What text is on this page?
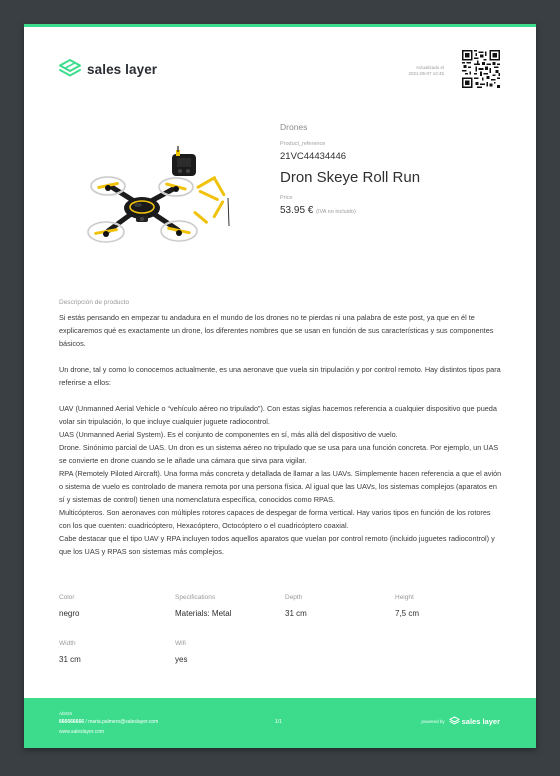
sales layer	Actualizado el
2021-05-07 12:45
Drones
Product_reference
21VC44434446
Dron Skeye Roll Run
Price
53.95 € (IVA no incluido)
Descripción de producto

Si estás pensando en empezar tu andadura en el mundo de los drones no te pierdas ni una palabra de este post, ya que en él te explicaremos qué es exactamente un drone, los diferentes nombres que se usan en función de sus características y sus componentes básicos.

Un drone, tal y como lo conocemos actualmente, es una aeronave que vuela sin tripulación y por control remoto. Hay distintos tipos para referirse a ellos:

UAV (Unmanned Aerial Vehicle o “vehículo aéreo no tripulado”). Con estas siglas hacemos referencia a cualquier dispositivo que pueda volar sin tripulación, lo que incluye cualquier juguete radiocontrol.

UAS (Unmanned Aerial System). Es el conjunto de componentes en sí, más allá del dispositivo de vuelo.

Drone. Sinónimo parcial de UAS. Un dron es un sistema aéreo no tripulado que se usa para una función concreta. Por ejemplo, un UAS se convierte en drone cuando se le añade una cámara que sirva para vigilar.

RPA (Remotely Piloted Aircraft). Una forma más concreta y detallada de llamar a las UAVs. Simplemente hacen referencia a que el avión o sistema de vuelo es controlado de manera remota por una persona física. Al igual que las UAVs, los sistemas complejos (aparatos en sí y sistemas de control) tienen una nomenclatura específica, conocidos como RPAS.

Multicópteros. Son aeronaves con múltiples rotores capaces de despegar de forma vertical. Hay varios tipos en función de los rotores con los que cuenten: cuadricóptero, Hexacóptero, Octocóptero o el cuadricóptero coaxial.

Cabe destacar que el tipo UAV y RPA incluyen todos aquellos aparatos que vuelan por control remoto (incluido juguetes radiocontrol) y que los UAS y RPAS son sistemas más complejos.

Color
negro
Specifications
Materials: Metal
Depth
31 cm
Height
7,5 cm
Width
31 cm
Wifi
yes
Ab026
666666666 / maria.palmero@saleslayer.com
www.saleslayer.com
1/1	powered by sales layer
